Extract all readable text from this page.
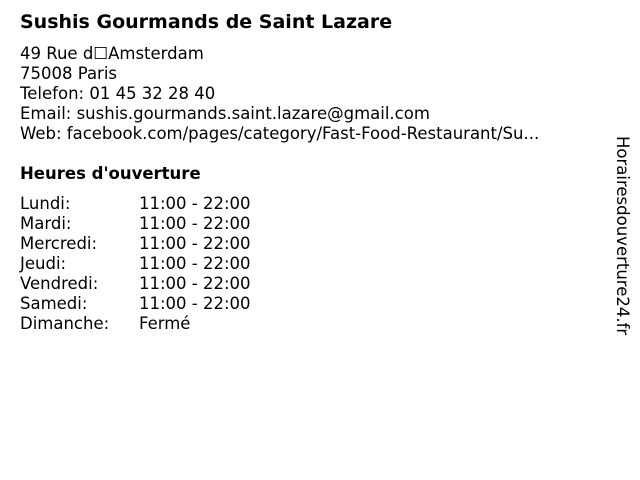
Sushis Gourmands de Saint Lazare
49 Rue d☐Amsterdam
75008 Paris
Telefon: 01 45 32 28 40
Email: sushis.gourmands.saint.lazare@gmail.com
Web: facebook.com/pages/category/Fast-Food-Restaurant/Su...
Heures d'ouverture
Lundi:	11:00 - 22:00
Mardi:	11:00 - 22:00
Mercredi:	11:00 - 22:00
Jeudi:	11:00 - 22:00
Vendredi:	11:00 - 22:00
Samedi:	11:00 - 22:00
Dimanche:	Fermé	Horairesdouverture24.fr
